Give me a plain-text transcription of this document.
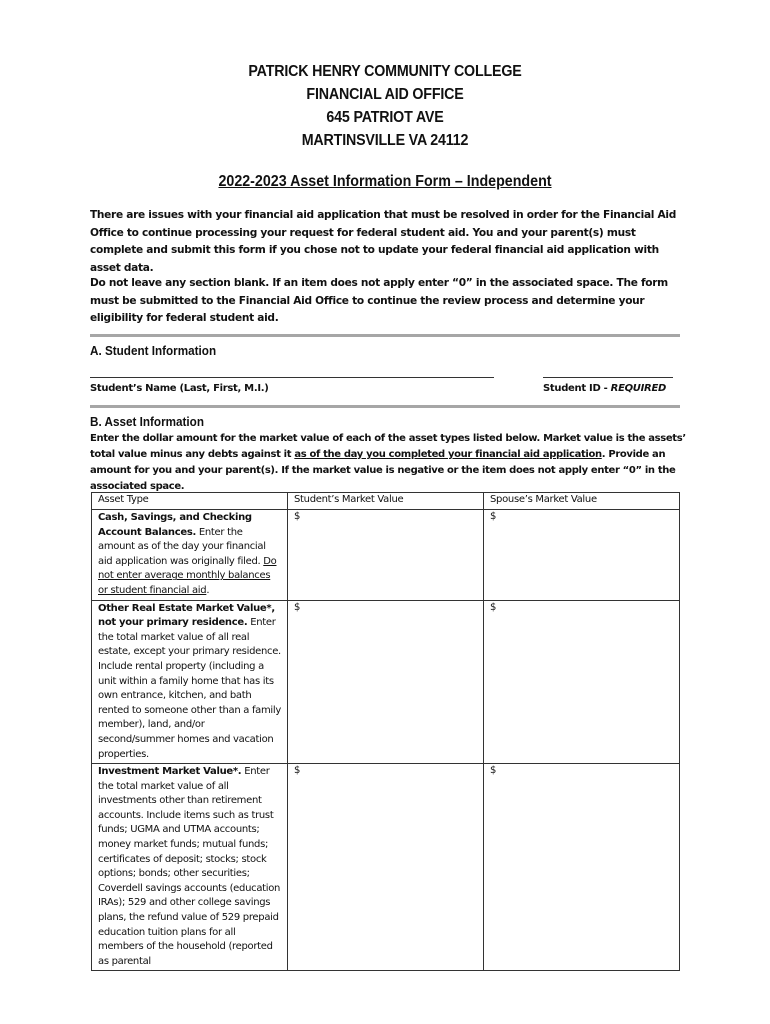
PATRICK HENRY COMMUNITY COLLEGE
FINANCIAL AID OFFICE
645 PATRIOT AVE
MARTINSVILLE VA 24112
2022-2023 Asset Information Form – Independent
There are issues with your financial aid application that must be resolved in order for the Financial Aid Office to continue processing your request for federal student aid. You and your parent(s) must complete and submit this form if you chose not to update your federal financial aid application with asset data.
Do not leave any section blank. If an item does not apply enter “0” in the associated space. The form must be submitted to the Financial Aid Office to continue the review process and determine your eligibility for federal student aid.
A. Student Information
Student’s Name (Last, First, M.I.)	Student ID - REQUIRED
B. Asset Information
Enter the dollar amount for the market value of each of the asset types listed below. Market value is the assets’ total value minus any debts against it as of the day you completed your financial aid application. Provide an amount for you and your parent(s). If the market value is negative or the item does not apply enter “0” in the associated space.
Asset Type	Student’s Market Value	Spouse’s Market Value
Cash, Savings, and Checking Account Balances. Enter the amount as of the day your financial aid application was originally filed. Do not enter average monthly balances or student financial aid.	$	$
Other Real Estate Market Value*, not your primary residence. Enter the total market value of all real estate, except your primary residence. Include rental property (including a unit within a family home that has its own entrance, kitchen, and bath rented to someone other than a family member), land, and/or second/summer homes and vacation properties.	$	$
Investment Market Value*. Enter the total market value of all investments other than retirement accounts. Include items such as trust funds; UGMA and UTMA accounts; money market funds; mutual funds; certificates of deposit; stocks; stock options; bonds; other securities; Coverdell savings accounts (education IRAs); 529 and other college savings plans, the refund value of 529 prepaid education tuition plans for all members of the household (reported as parental	$	$
